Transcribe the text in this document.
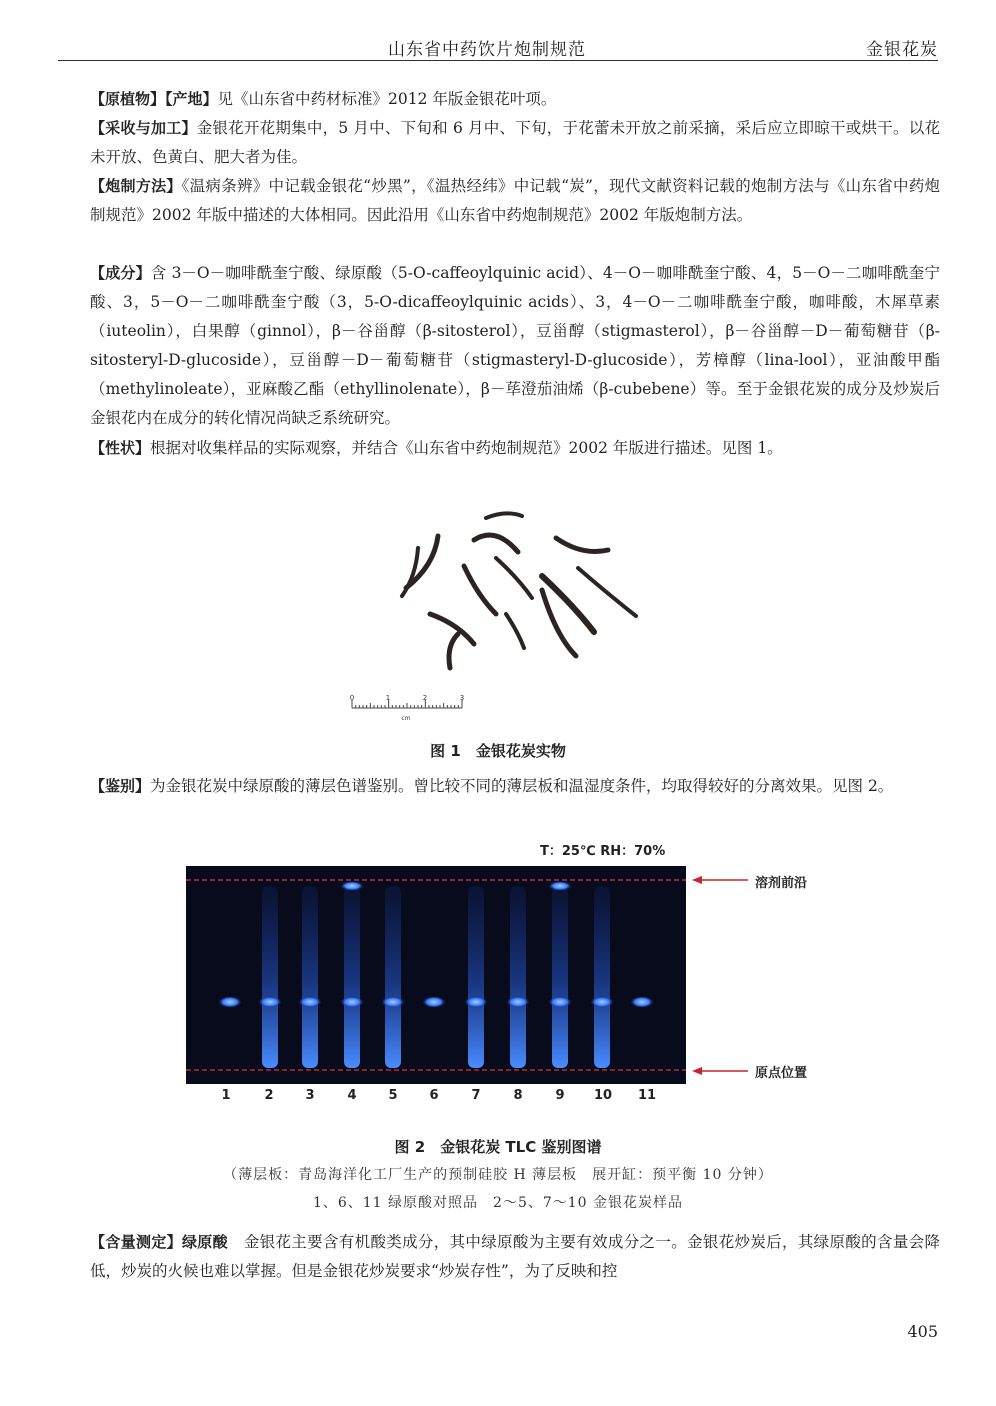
山东省中药饮片炮制规范	金银花炭
【原植物】【产地】见《山东省中药材标准》2012 年版金银花叶项。
【采收与加工】金银花开花期集中，5 月中、下旬和 6 月中、下旬，于花蕾未开放之前采摘，采后应立即晾干或烘干。以花未开放、色黄白、肥大者为佳。
【炮制方法】《温病条辨》中记载金银花“炒黑”，《温热经纬》中记载“炭”，现代文献资料记载的炮制方法与《山东省中药炮制规范》2002 年版中描述的大体相同。因此沿用《山东省中药炮制规范》2002 年版炮制方法。
【成分】含 3－O－咖啡酰奎宁酸、绿原酸（5-O-caffeoylquinic acid）、4－O－咖啡酰奎宁酸、4，5－O－二咖啡酰奎宁酸、3，5－O－二咖啡酰奎宁酸（3，5-O-dicaffeoylquinic acids）、3，4－O－二咖啡酰奎宁酸，咖啡酸，木犀草素（iuteolin），白果醇（ginnol），β－谷甾醇（β-sitosterol），豆甾醇（stigmasterol），β－谷甾醇－D－葡萄糖苷（β-sitosteryl-D-glucoside），豆甾醇－D－葡萄糖苷（stigmasteryl-D-glucoside），芳樟醇（lina-lool），亚油酸甲酯（methylinoleate），亚麻酸乙酯（ethyllinolenate），β－荜澄茄油烯（β-cubebene）等。至于金银花炭的成分及炒炭后金银花内在成分的转化情况尚缺乏系统研究。
【性状】根据对收集样品的实际观察，并结合《山东省中药炮制规范》2002 年版进行描述。见图 1。
0	1	2	3
cm
图 1　金银花炭实物
【鉴别】为金银花炭中绿原酸的薄层色谱鉴别。曾比较不同的薄层板和温湿度条件，均取得较好的分离效果。见图 2。
T：25℃ RH：70%
溶剂前沿
原点位置
1	2	3	4	5	6	7	8	9	10 11
图 2　金银花炭 TLC 鉴别图谱
（薄层板：青岛海洋化工厂生产的预制硅胶 H 薄层板　展开缸：预平衡 10 分钟）
1、6、11 绿原酸对照品　2～5、7～10 金银花炭样品
【含量测定】绿原酸　 金银花主要含有机酸类成分，其中绿原酸为主要有效成分之一。金银花炒炭后，其绿原酸的含量会降低，炒炭的火候也难以掌握。但是金银花炒炭要求“炒炭存性”，为了反映和控
405
